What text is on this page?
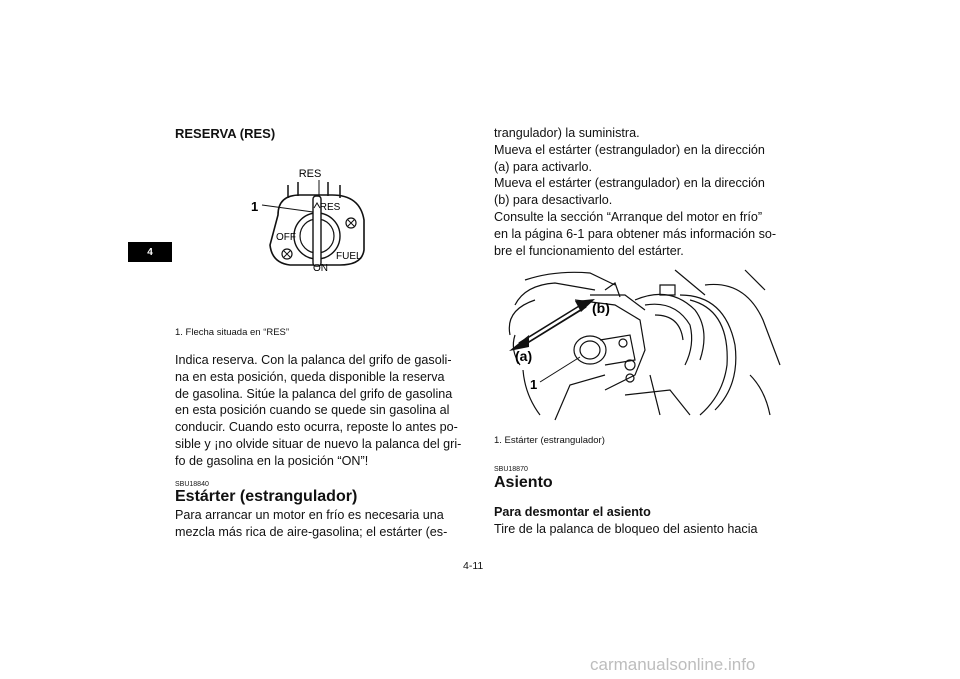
4
RESERVA (RES)
RES
RES
OFF
ON
FUEL
1
1. Flecha situada en “RES”

Indica reserva. Con la palanca del grifo de gasoli-

na en esta posición, queda disponible la reserva

de gasolina. Sitúe la palanca del grifo de gasolina

en esta posición cuando se quede sin gasolina al

conducir. Cuando esto ocurra, reposte lo antes po-

sible y ¡no olvide situar de nuevo la palanca del gri-

fo de gasolina en la posición “ON”!

SBU18840
Estárter (estrangulador)

Para arrancar un motor en frío es necesaria una

mezcla más rica de aire-gasolina; el estárter (es-

trangulador) la suministra.

Mueva el estárter (estrangulador) en la dirección

(a) para activarlo.

Mueva el estárter (estrangulador) en la dirección

(b) para desactivarlo.

Consulte la sección “Arranque del motor en frío”

en la página 6-1 para obtener más información so-

bre el funcionamiento del estárter.

(b)
(a)
1
1. Estárter (estrangulador)
SBU18870
Asiento
Para desmontar el asiento

Tire de la palanca de bloqueo del asiento hacia

4-11
carmanualsonline.info
